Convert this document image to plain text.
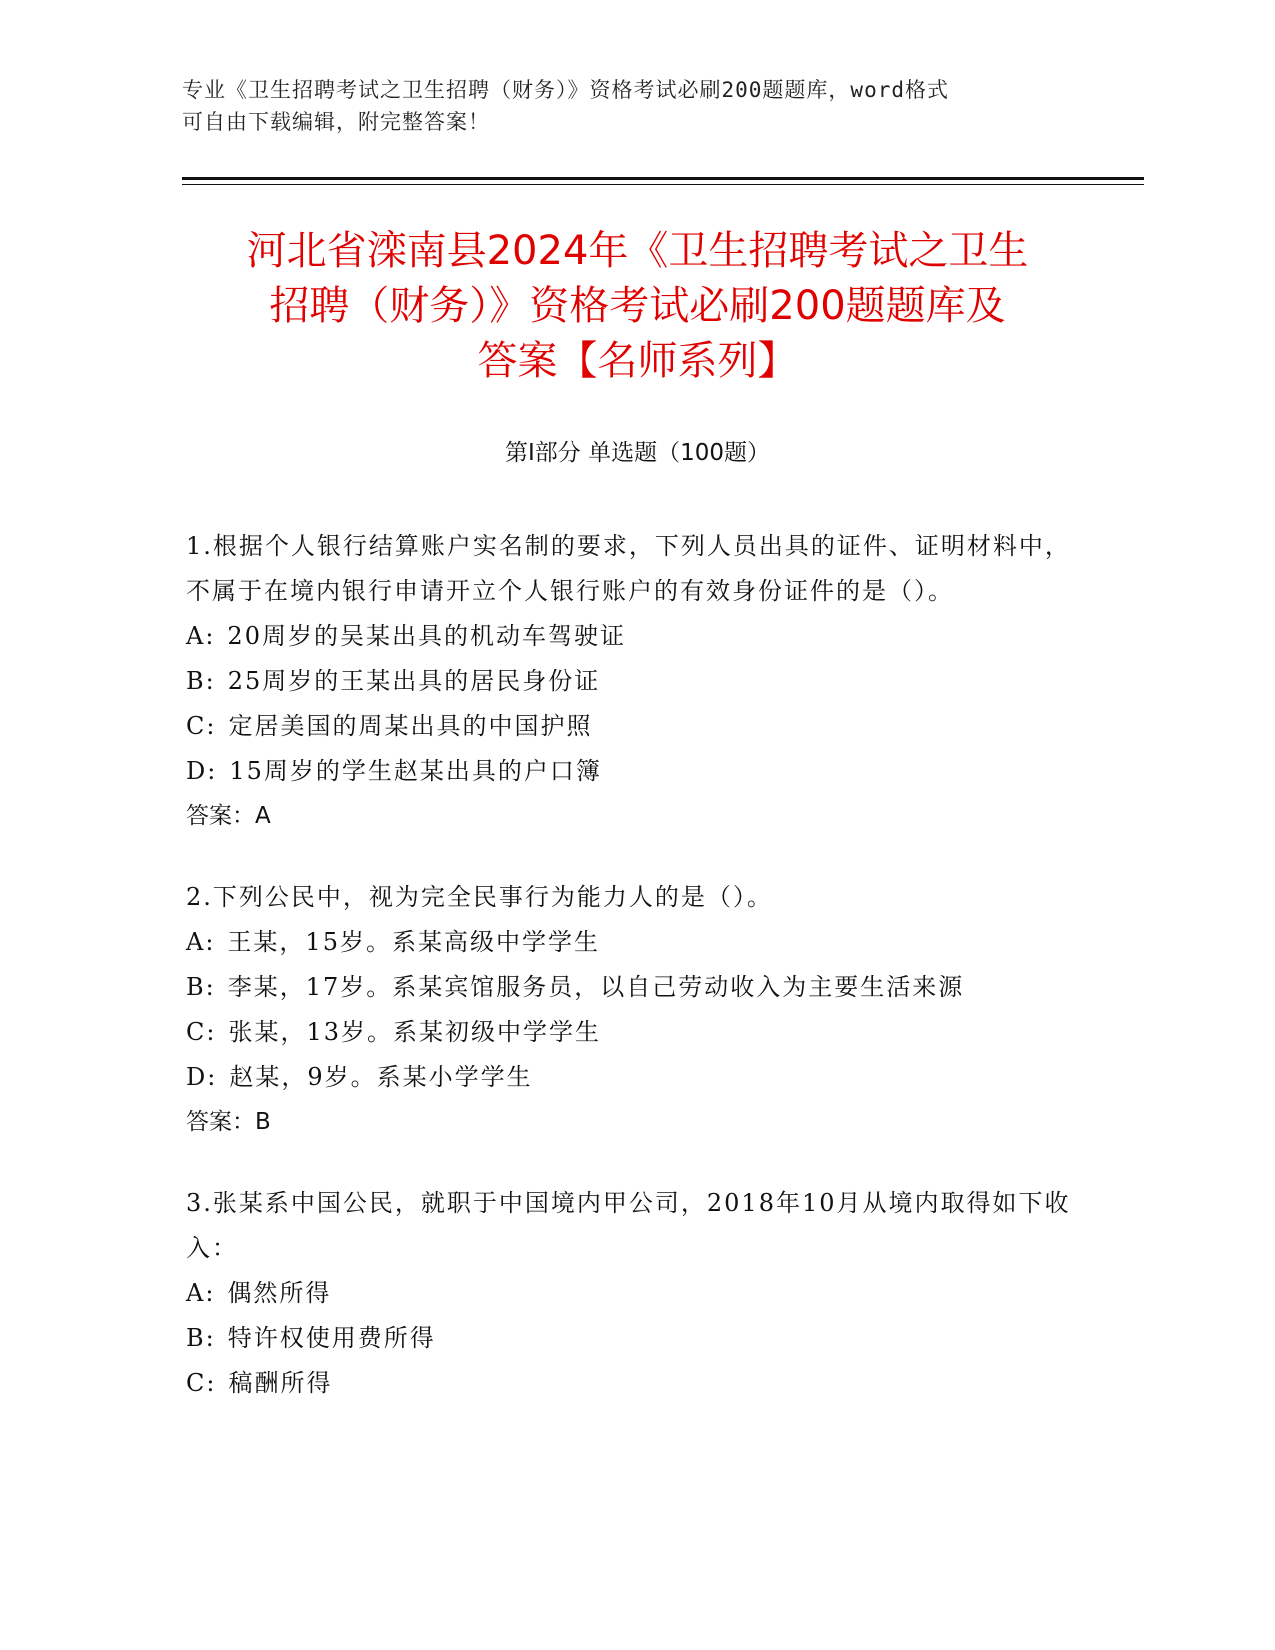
专业《卫生招聘考试之卫生招聘（财务）》资格考试必刷200题题库，word格式
可自由下载编辑，附完整答案！
河北省滦南县2024年《卫生招聘考试之卫生
招聘（财务）》资格考试必刷200题题库及
答案【名师系列】
第Ⅰ部分 单选题（100题）

1.根据个人银行结算账户实名制的要求，下列人员出具的证件、证明材料中，不属于在境内银行申请开立个人银行账户的有效身份证件的是（）。

A: 20周岁的吴某出具的机动车驾驶证

B: 25周岁的王某出具的居民身份证

C: 定居美国的周某出具的中国护照

D: 15周岁的学生赵某出具的户口簿

答案：A

2.下列公民中，视为完全民事行为能力人的是（）。

A: 王某，15岁。系某高级中学学生

B: 李某，17岁。系某宾馆服务员，以自己劳动收入为主要生活来源

C: 张某，13岁。系某初级中学学生

D: 赵某，9岁。系某小学学生

答案：B

3.张某系中国公民，就职于中国境内甲公司，2018年10月从境内取得如下收入：

A: 偶然所得

B: 特许权使用费所得

C: 稿酬所得
